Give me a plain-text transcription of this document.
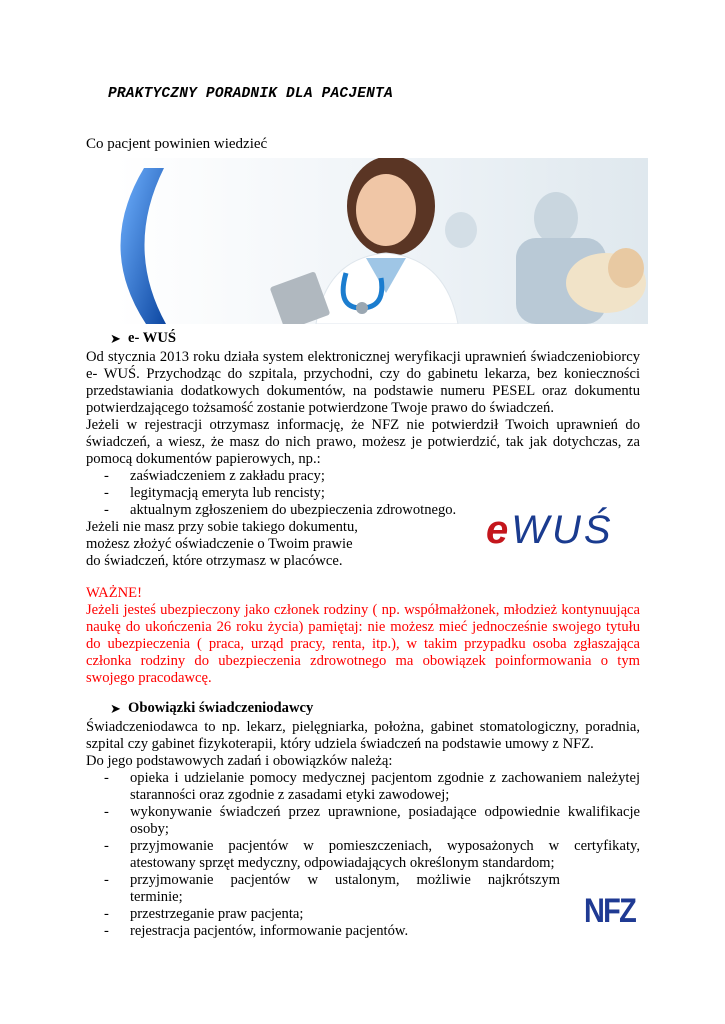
PRAKTYCZNY PORADNIK DLA PACJENTA
Co pacjent powinien wiedzieć
➤ e- WUŚ
Od stycznia 2013 roku działa system elektronicznej weryfikacji uprawnień świadczeniobiorcy
e- WUŚ. Przychodząc do szpitala, przychodni, czy do gabinetu lekarza, bez konieczności
przedstawiania dodatkowych dokumentów, na podstawie numeru PESEL oraz dokumentu
potwierdzającego tożsamość zostanie potwierdzone Twoje prawo do świadczeń.
Jeżeli w rejestracji otrzymasz informację, że NFZ nie potwierdził Twoich uprawnień do
świadczeń, a wiesz, że masz do nich prawo, możesz je potwierdzić, tak jak dotychczas, za
pomocą dokumentów papierowych, np.:
- zaświadczeniem z zakładu pracy;
- legitymacją emeryta lub rencisty;
- aktualnym zgłoszeniem do ubezpieczenia zdrowotnego.
Jeżeli nie masz przy sobie takiego dokumentu,
możesz złożyć oświadczenie o Twoim prawie
do świadczeń, które otrzymasz w placówce.
eWUŚ
WAŻNE!
Jeżeli jesteś ubezpieczony jako członek rodziny ( np. współmałżonek, młodzież kontynuująca
naukę do ukończenia 26 roku życia) pamiętaj: nie możesz mieć jednocześnie swojego tytułu
do ubezpieczenia ( praca, urząd pracy, renta, itp.), w takim przypadku osoba zgłaszająca
członka rodziny do ubezpieczenia zdrowotnego ma obowiązek poinformowania o tym
swojego pracodawcę.
➤ Obowiązki świadczeniodawcy
Świadczeniodawca to np. lekarz, pielęgniarka, położna, gabinet stomatologiczny, poradnia,
szpital czy gabinet fizykoterapii, który udziela świadczeń na podstawie umowy z NFZ.
Do jego podstawowych zadań i obowiązków należą:
- opieka i udzielanie pomocy medycznej pacjentom zgodnie z zachowaniem należytej
staranności oraz zgodnie z zasadami etyki zawodowej;
- wykonywanie świadczeń przez uprawnione, posiadające odpowiednie kwalifikacje
osoby;
- przyjmowanie pacjentów w pomieszczeniach, wyposażonych w certyfikaty,
atestowany sprzęt medyczny, odpowiadających określonym standardom;
- przyjmowanie pacjentów w ustalonym, możliwie najkrótszym
terminie;
- przestrzeganie praw pacjenta;
- rejestracja pacjentów, informowanie pacjentów.
NFZ
